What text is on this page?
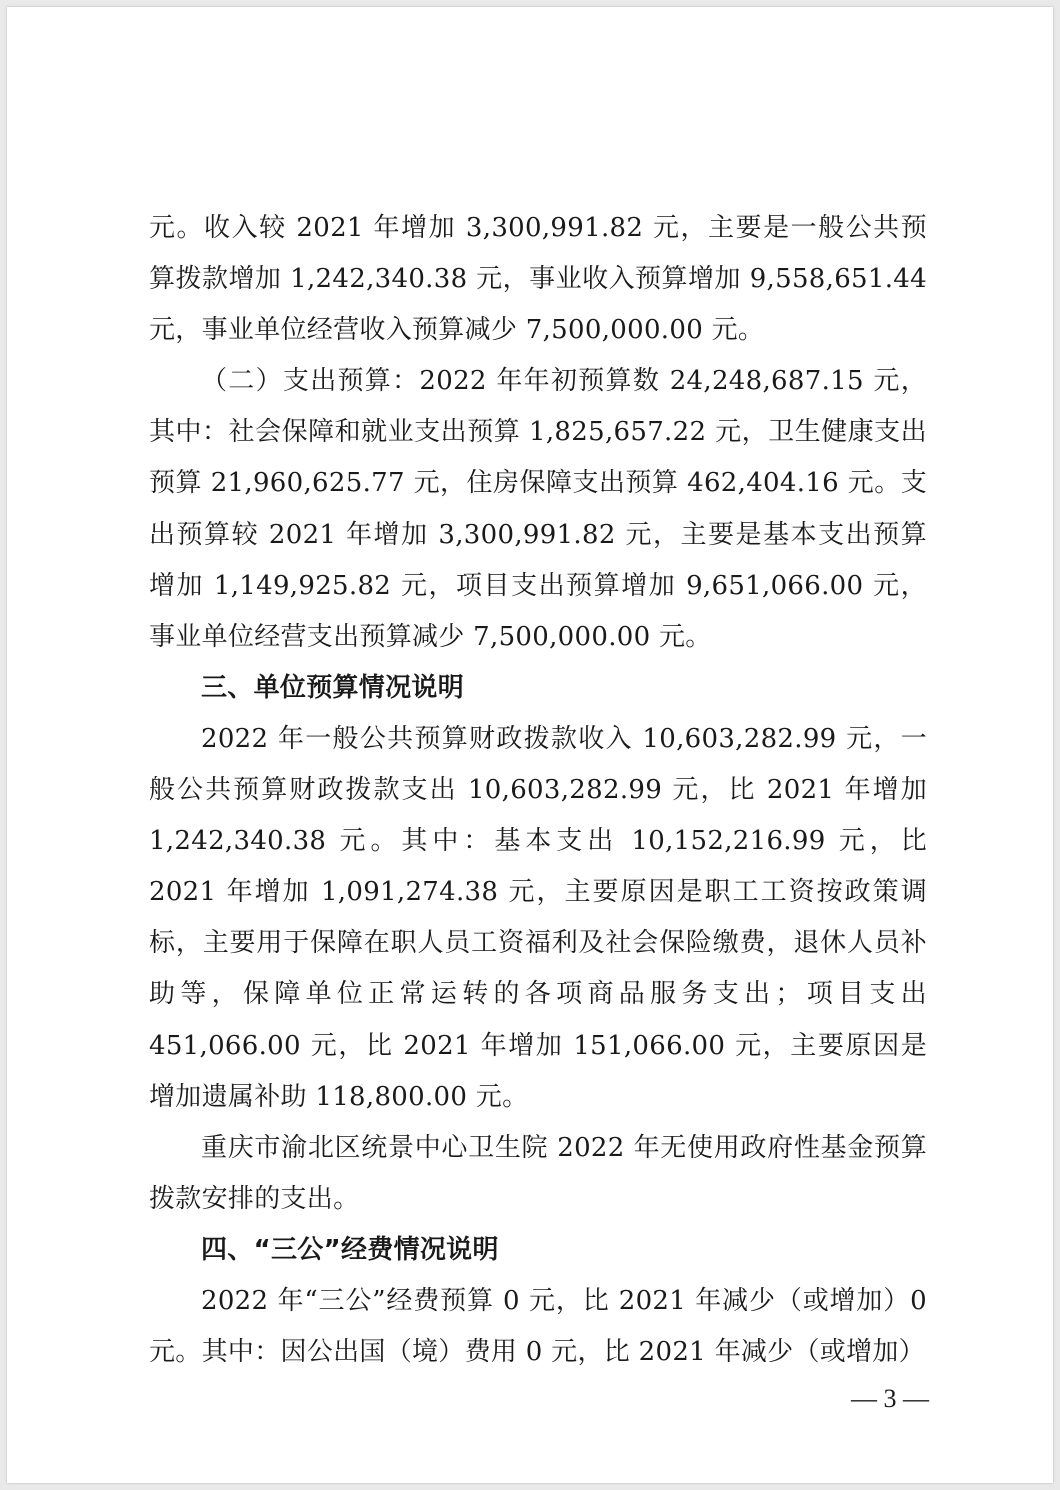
元。收入较 2021 年增加 3,300,991.82 元，主要是一般公共预算拨款增加 1,242,340.38 元，事业收入预算增加 9,558,651.44 元，事业单位经营收入预算减少 7,500,000.00 元。

（二）支出预算：2022 年年初预算数 24,248,687.15 元，其中：社会保障和就业支出预算 1,825,657.22 元，卫生健康支出预算 21,960,625.77 元，住房保障支出预算 462,404.16 元。支出预算较 2021 年增加 3,300,991.82 元，主要是基本支出预算增加 1,149,925.82 元，项目支出预算增加 9,651,066.00 元，事业单位经营支出预算减少 7,500,000.00 元。

三、单位预算情况说明

2022 年一般公共预算财政拨款收入 10,603,282.99 元，一般公共预算财政拨款支出 10,603,282.99 元，比 2021 年增加 1,242,340.38 元。其中：基本支出 10,152,216.99 元，比 2021 年增加 1,091,274.38 元，主要原因是职工工资按政策调标，主要用于保障在职人员工资福利及社会保险缴费，退休人员补助等，保障单位正常运转的各项商品服务支出；项目支出 451,066.00 元，比 2021 年增加 151,066.00 元，主要原因是增加遗属补助 118,800.00 元。

重庆市渝北区统景中心卫生院 2022 年无使用政府性基金预算拨款安排的支出。

四、“三公”经费情况说明

2022 年“三公”经费预算 0 元，比 2021 年减少（或增加）0 元。其中：因公出国（境）费用 0 元，比 2021 年减少（或增加）

— 3 —
